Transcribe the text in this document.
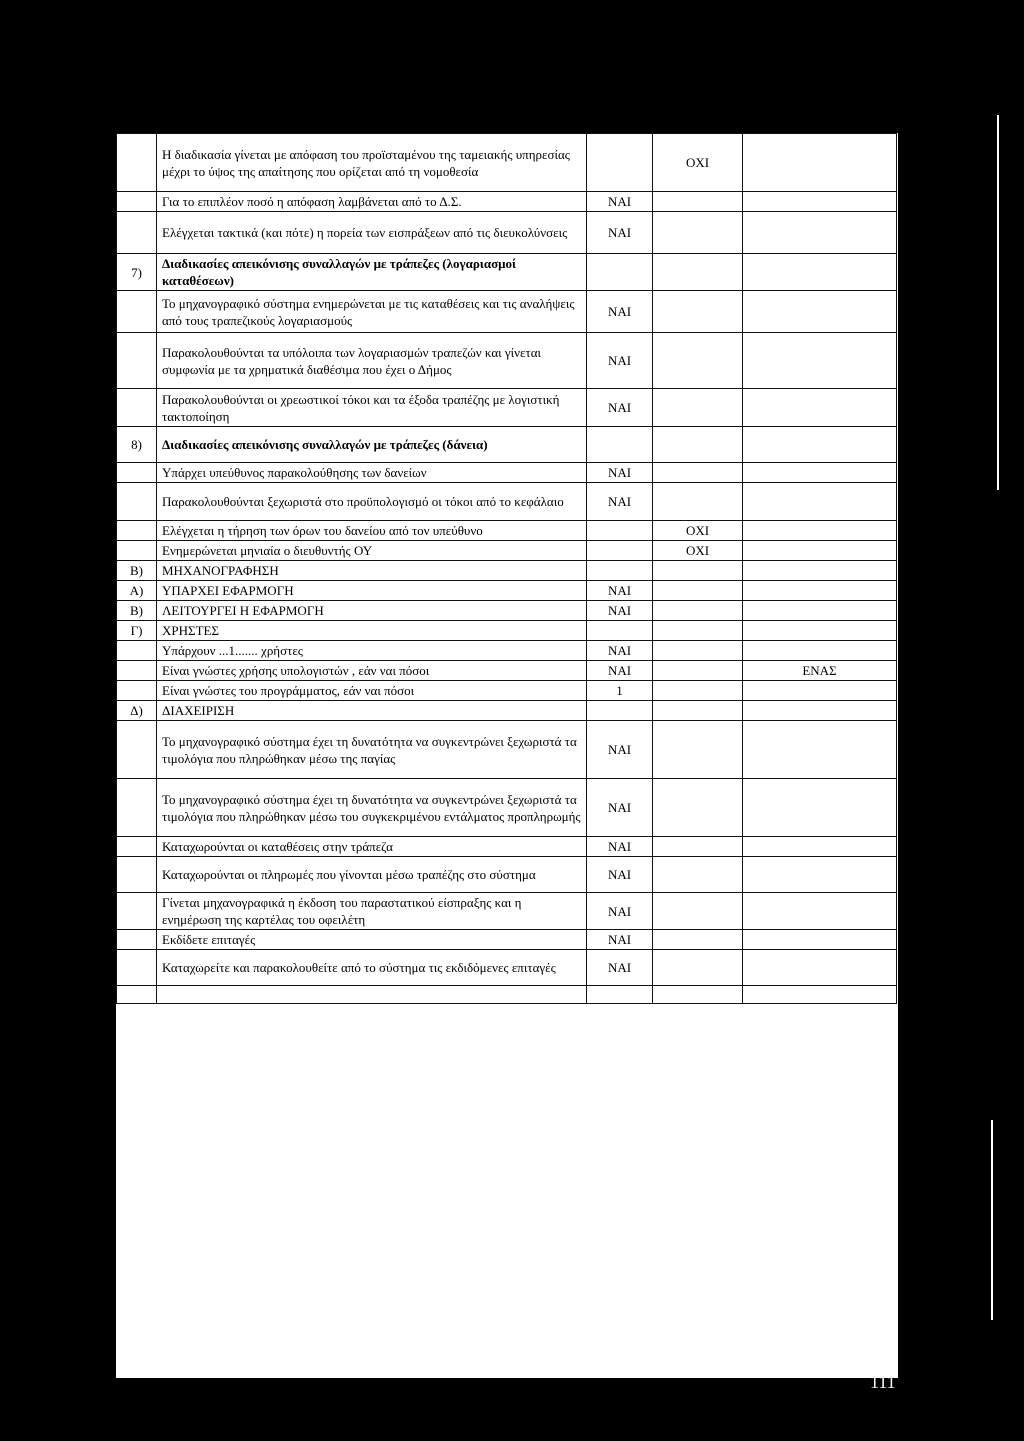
	Η διαδικασία γίνεται με απόφαση του προϊσταμένου της ταμειακής υπηρεσίας μέχρι το ύψος της απαίτησης που ορίζεται από τη νομοθεσία		ΟΧΙ	
	Για το επιπλέον ποσό η απόφαση λαμβάνεται από το Δ.Σ.	ΝΑΙ		
	Ελέγχεται τακτικά (και πότε) η πορεία των εισπράξεων από τις διευκολύνσεις	ΝΑΙ		
7)	Διαδικασίες απεικόνισης συναλλαγών με τράπεζες (λογαριασμοί καταθέσεων)			
	Το μηχανογραφικό σύστημα ενημερώνεται με τις καταθέσεις και τις αναλήψεις από τους τραπεζικούς λογαριασμούς	ΝΑΙ		
	Παρακολουθούνται τα υπόλοιπα των λογαριασμών τραπεζών και γίνεται συμφωνία με τα χρηματικά διαθέσιμα που έχει ο Δήμος	ΝΑΙ		
	Παρακολουθούνται οι χρεωστικοί τόκοι και τα έξοδα τραπέζης με λογιστική τακτοποίηση	ΝΑΙ		
8)	Διαδικασίες απεικόνισης συναλλαγών με τράπεζες (δάνεια)			
	Υπάρχει υπεύθυνος παρακολούθησης των δανείων	ΝΑΙ		
	Παρακολουθούνται ξεχωριστά στο προϋπολογισμό οι τόκοι από το κεφάλαιο	ΝΑΙ		
	Ελέγχεται η τήρηση των όρων του δανείου από τον υπεύθυνο		ΟΧΙ	
	Ενημερώνεται μηνιαία ο διευθυντής ΟΥ		ΟΧΙ	
Β)	ΜΗΧΑΝΟΓΡΑΦΗΣΗ			
Α)	ΥΠΑΡΧΕΙ ΕΦΑΡΜΟΓΗ	ΝΑΙ		
Β)	ΛΕΙΤΟΥΡΓΕΙ Η ΕΦΑΡΜΟΓΗ	ΝΑΙ		
Γ)	ΧΡΗΣΤΕΣ			
	Υπάρχουν ...1....... χρήστες	ΝΑΙ		
	Είναι γνώστες χρήσης υπολογιστών , εάν ναι πόσοι	ΝΑΙ		ΕΝΑΣ
	Είναι γνώστες του προγράμματος, εάν ναι πόσοι	1		
Δ)	ΔΙΑΧΕΙΡΙΣΗ			
	Το μηχανογραφικό σύστημα έχει τη δυνατότητα να συγκεντρώνει ξεχωριστά τα τιμολόγια που πληρώθηκαν μέσω της παγίας	ΝΑΙ		
	Το μηχανογραφικό σύστημα έχει τη δυνατότητα να συγκεντρώνει ξεχωριστά τα τιμολόγια που πληρώθηκαν μέσω του συγκεκριμένου εντάλματος προπληρωμής	ΝΑΙ		
	Καταχωρούνται οι καταθέσεις στην τράπεζα	ΝΑΙ		
	Καταχωρούνται οι πληρωμές που γίνονται μέσω τραπέζης στο σύστημα	ΝΑΙ		
	Γίνεται μηχανογραφικά η έκδοση του παραστατικού είσπραξης και η ενημέρωση της καρτέλας του οφειλέτη	ΝΑΙ		
	Εκδίδετε επιταγές	ΝΑΙ		
	Καταχωρείτε και παρακολουθείτε από το σύστημα τις εκδιδόμενες επιταγές	ΝΑΙ		

111
